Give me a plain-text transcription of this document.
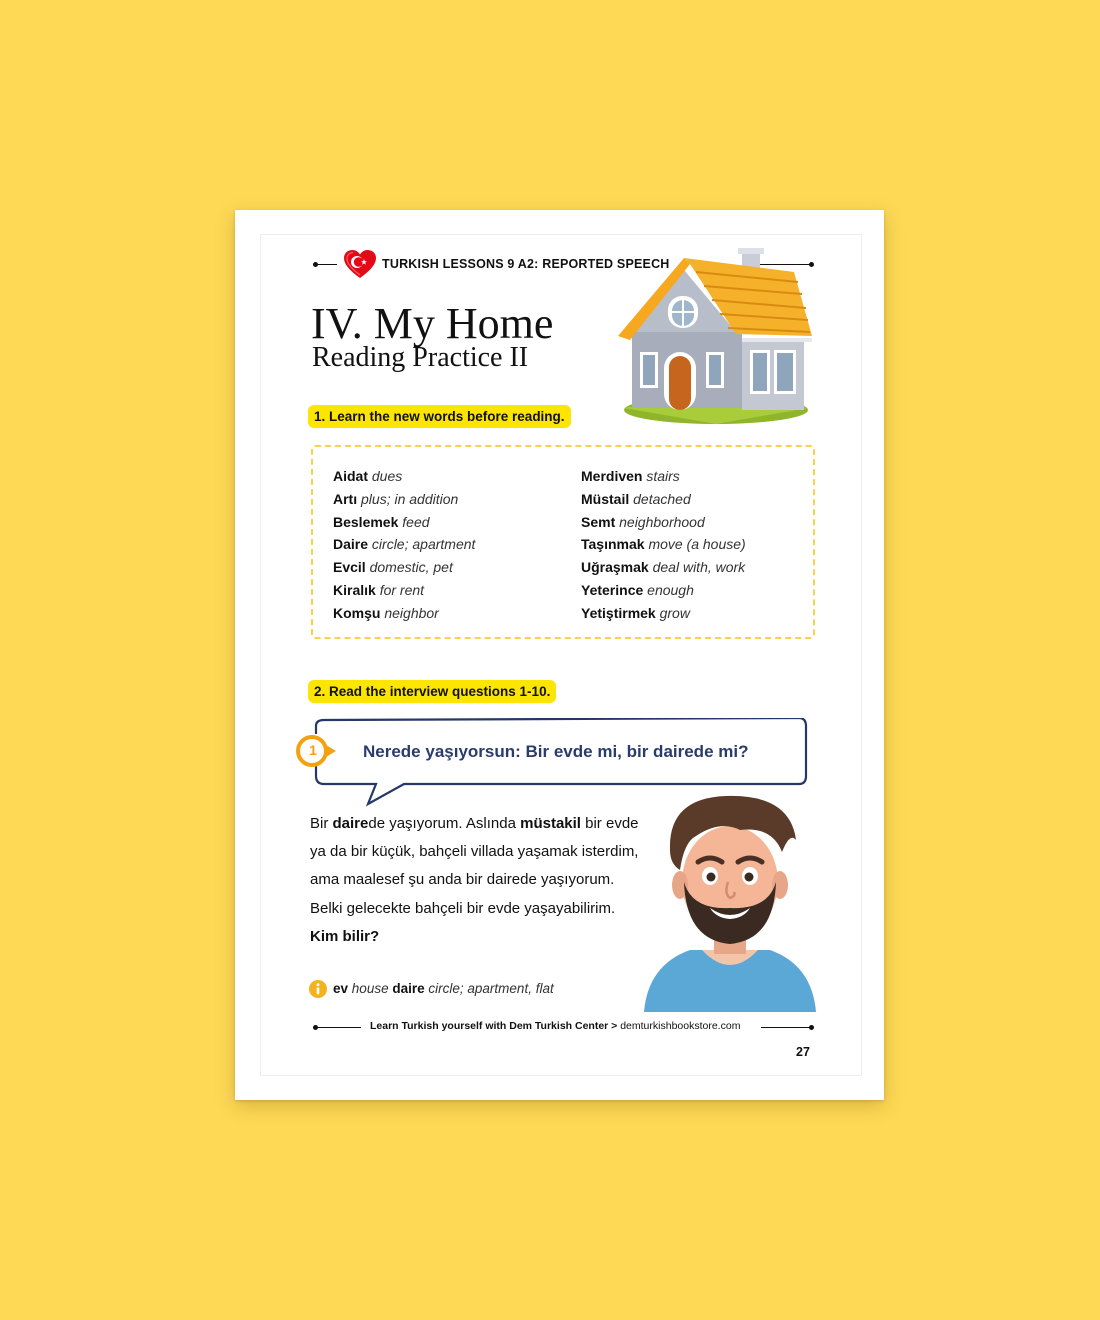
TURKISH LESSONS 9 A2: REPORTED SPEECH
IV. My Home
Reading Practice II
1. Learn the new words before reading.
Aidat dues
Artı plus; in addition
Beslemek feed
Daire circle; apartment
Evcil domestic, pet
Kiralık for rent
Komşu neighbor
Merdiven stairs
Müstail detached
Semt neighborhood
Taşınmak move (a house)
Uğraşmak deal with, work
Yeterince enough
Yetiştirmek grow
2. Read the interview questions 1-10.
1	Nerede yaşıyorsun: Bir evde mi, bir dairede mi?
Bir dairede yaşıyorum. Aslında müstakil bir evde
ya da bir küçük, bahçeli villada yaşamak isterdim,
ama maalesef şu anda bir dairede yaşıyorum.
Belki gelecekte bahçeli bir evde yaşayabilirim.
Kim bilir?
ev house daire circle; apartment, flat
Learn Turkish yourself with Dem Turkish Center > demturkishbookstore.com
27
